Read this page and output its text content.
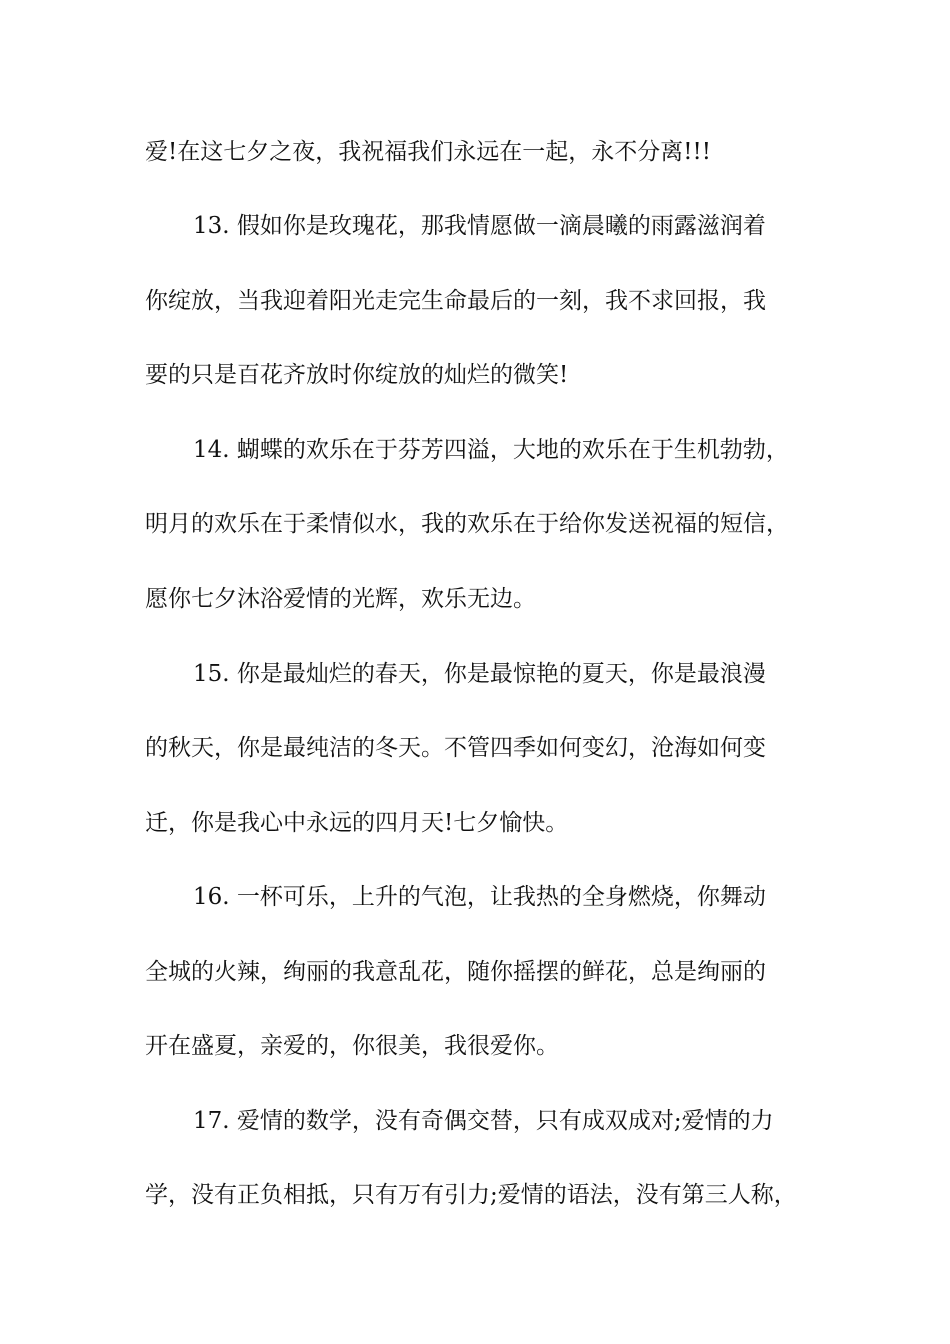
爱!在这七夕之夜，我祝福我们永远在一起，永不分离!!!
13. 假如你是玫瑰花，那我情愿做一滴晨曦的雨露滋润着
你绽放，当我迎着阳光走完生命最后的一刻，我不求回报，我
要的只是百花齐放时你绽放的灿烂的微笑!
14. 蝴蝶的欢乐在于芬芳四溢，大地的欢乐在于生机勃勃，
明月的欢乐在于柔情似水，我的欢乐在于给你发送祝福的短信，
愿你七夕沐浴爱情的光辉，欢乐无边。
15. 你是最灿烂的春天，你是最惊艳的夏天，你是最浪漫
的秋天，你是最纯洁的冬天。不管四季如何变幻，沧海如何变
迁，你是我心中永远的四月天!七夕愉快。
16. 一杯可乐，上升的气泡，让我热的全身燃烧，你舞动
全城的火辣，绚丽的我意乱花，随你摇摆的鲜花，总是绚丽的
开在盛夏，亲爱的，你很美，我很爱你。
17. 爱情的数学，没有奇偶交替，只有成双成对;爱情的力
学，没有正负相抵，只有万有引力;爱情的语法，没有第三人称，
